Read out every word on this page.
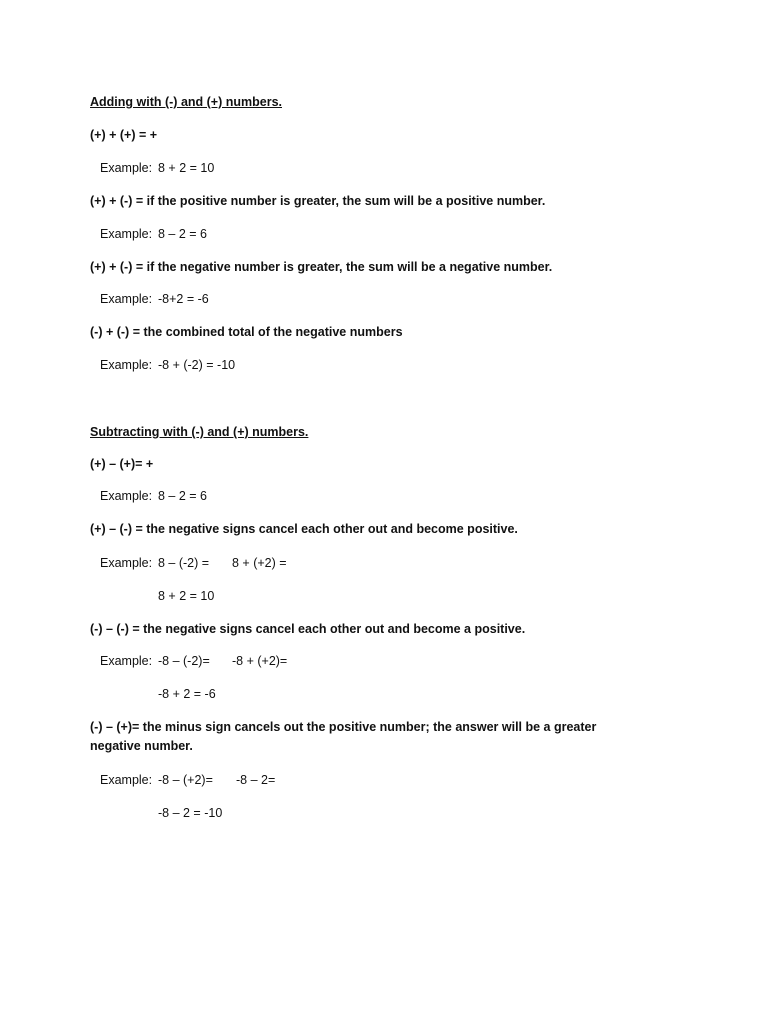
Adding with (-) and (+) numbers.
(+) + (+) = +
Example: 8 + 2 = 10
(+) + (-) = if the positive number is greater, the sum will be a positive number.
Example: 8 – 2 = 6
(+) + (-) = if the negative number is greater, the sum will be a negative number.
Example: -8+2 = -6
(-) + (-) = the combined total of the negative numbers
Example: -8 + (-2) = -10
Subtracting with (-) and (+) numbers.
(+) – (+)= +
Example: 8 – 2 = 6
(+) – (-) = the negative signs cancel each other out and become positive.
Example: 8 – (-2) = 8 + (+2) =
8 + 2 = 10
(-) – (-) = the negative signs cancel each other out and become a positive.
Example: -8 – (-2)= -8 + (+2)=
-8 + 2 = -6
(-) – (+)= the minus sign cancels out the positive number; the answer will be a greater negative number.
Example: -8 – (+2)= -8 – 2=
-8 – 2 = -10
